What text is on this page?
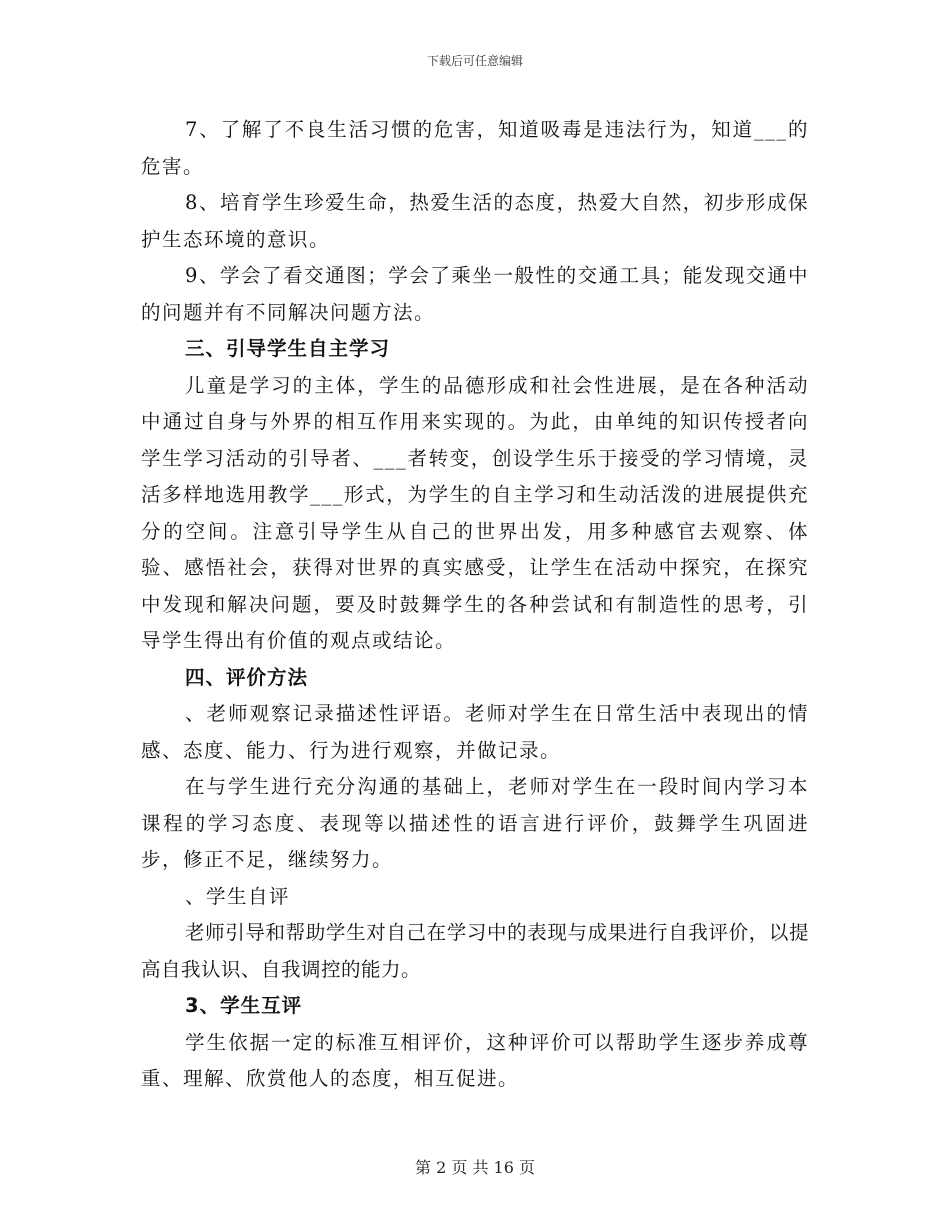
下载后可任意编辑

7、了解了不良生活习惯的危害，知道吸毒是违法行为，知道___的危害。

8、培育学生珍爱生命，热爱生活的态度，热爱大自然，初步形成保护生态环境的意识。

9、学会了看交通图；学会了乘坐一般性的交通工具；能发现交通中的问题并有不同解决问题方法。

三、引导学生自主学习

儿童是学习的主体，学生的品德形成和社会性进展，是在各种活动中通过自身与外界的相互作用来实现的。为此，由单纯的知识传授者向学生学习活动的引导者、___者转变，创设学生乐于接受的学习情境，灵活多样地选用教学___形式，为学生的自主学习和生动活泼的进展提供充分的空间。注意引导学生从自己的世界出发，用多种感官去观察、体验、感悟社会，获得对世界的真实感受，让学生在活动中探究，在探究中发现和解决问题，要及时鼓舞学生的各种尝试和有制造性的思考，引导学生得出有价值的观点或结论。

四、评价方法

、老师观察记录描述性评语。老师对学生在日常生活中表现出的情感、态度、能力、行为进行观察，并做记录。

在与学生进行充分沟通的基础上，老师对学生在一段时间内学习本课程的学习态度、表现等以描述性的语言进行评价，鼓舞学生巩固进步，修正不足，继续努力。

、学生自评

老师引导和帮助学生对自己在学习中的表现与成果进行自我评价，以提高自我认识、自我调控的能力。

3、学生互评

学生依据一定的标准互相评价，这种评价可以帮助学生逐步养成尊重、理解、欣赏他人的态度，相互促进。

第 2 页 共 16 页
